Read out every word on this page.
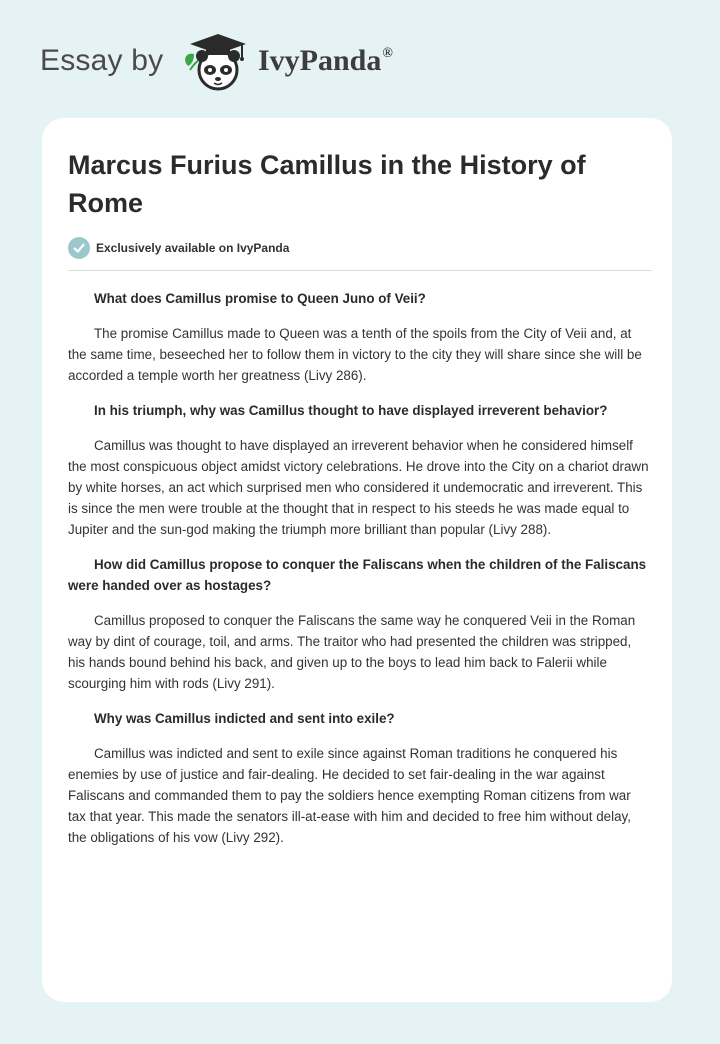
Essay by	IvyPanda®
Marcus Furius Camillus in the History of Rome
Exclusively available on IvyPanda

What does Camillus promise to Queen Juno of Veii?

The promise Camillus made to Queen was a tenth of the spoils from the City of Veii and, at the same time, beseeched her to follow them in victory to the city they will share since she will be accorded a temple worth her greatness (Livy 286).

In his triumph, why was Camillus thought to have displayed irreverent behavior?

Camillus was thought to have displayed an irreverent behavior when he considered himself the most conspicuous object amidst victory celebrations. He drove into the City on a chariot drawn by white horses, an act which surprised men who considered it undemocratic and irreverent. This is since the men were trouble at the thought that in respect to his steeds he was made equal to Jupiter and the sun-god making the triumph more brilliant than popular (Livy 288).

How did Camillus propose to conquer the Faliscans when the children of the Faliscans were handed over as hostages?

Camillus proposed to conquer the Faliscans the same way he conquered Veii in the Roman way by dint of courage, toil, and arms. The traitor who had presented the children was stripped, his hands bound behind his back, and given up to the boys to lead him back to Falerii while scourging him with rods (Livy 291).

Why was Camillus indicted and sent into exile?

Camillus was indicted and sent to exile since against Roman traditions he conquered his enemies by use of justice and fair-dealing. He decided to set fair-dealing in the war against Faliscans and commanded them to pay the soldiers hence exempting Roman citizens from war tax that year. This made the senators ill-at-ease with him and decided to free him without delay, the obligations of his vow (Livy 292).
